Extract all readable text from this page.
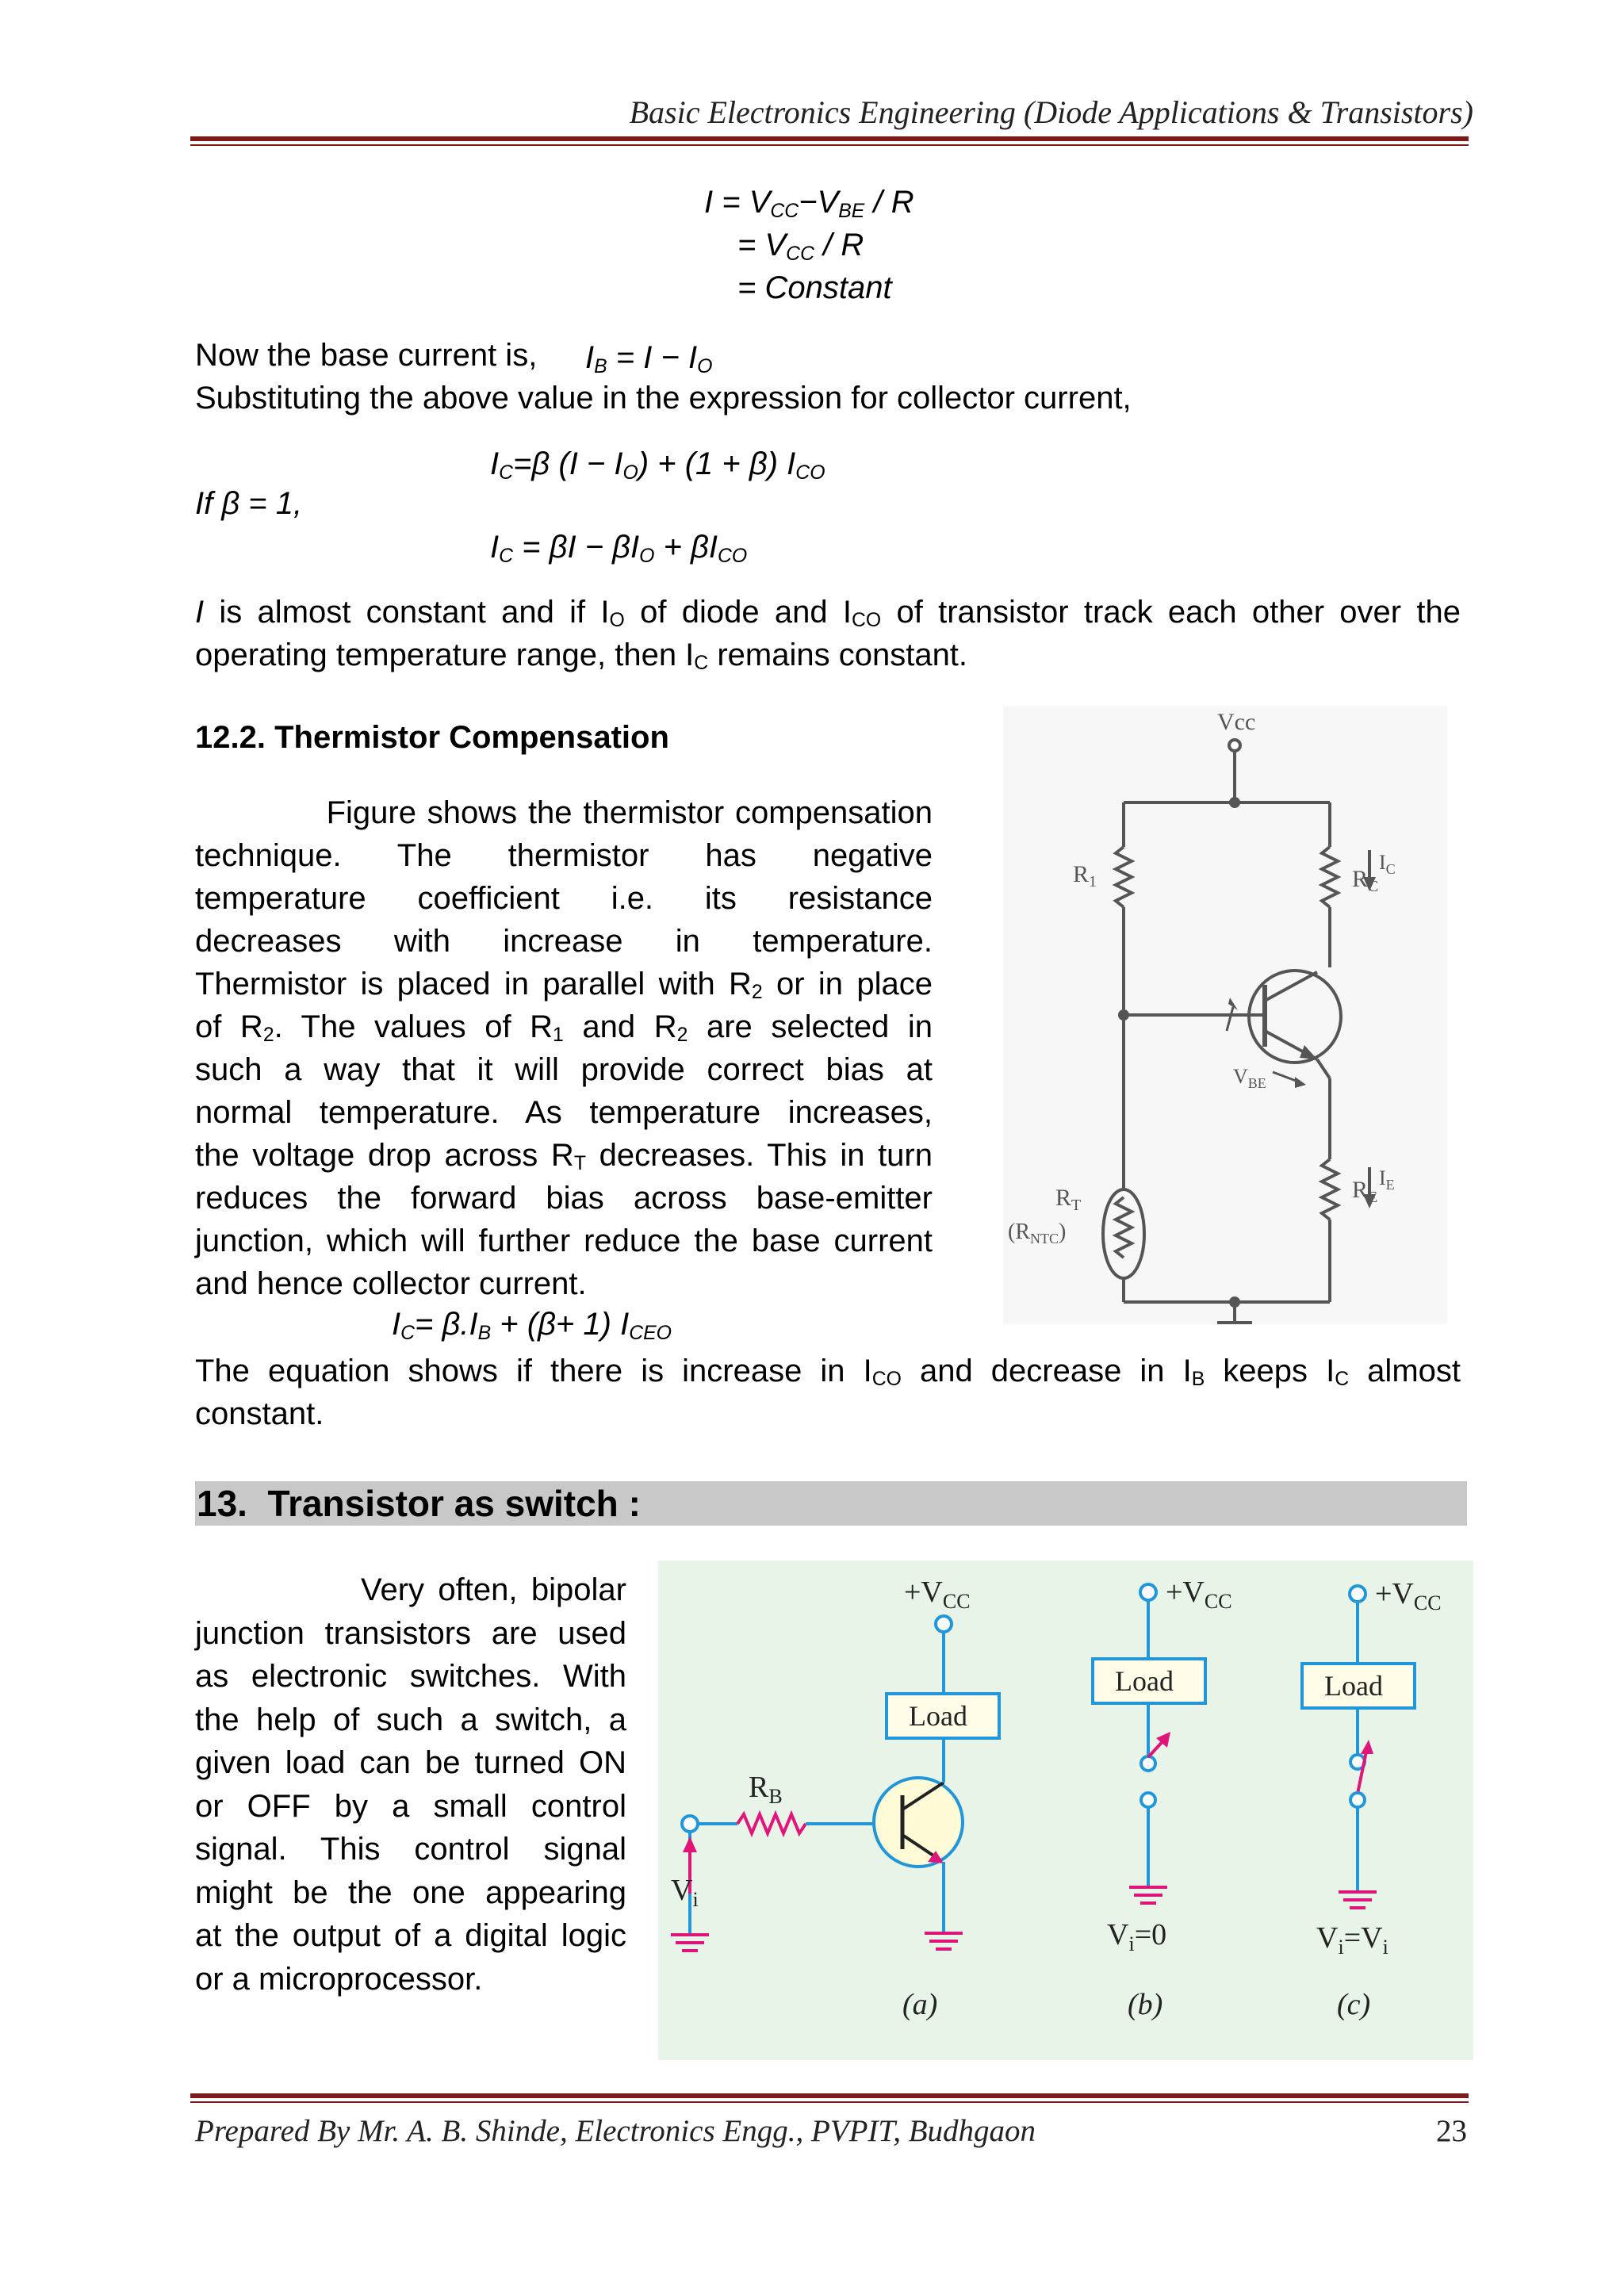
Basic Electronics Engineering (Diode Applications & Transistors)
$I = V_{CC}-V_{BE} / R$
= $V_{CC}$ / R
= Constant
Now the base current is, $I_B = I - I_O$
Substituting the above value in the expression for collector current,
$I_C=\beta$ $(I - I_O) + (1 + \beta)$ $I_{CO}$
If β = 1,
$I_C = \beta I - \beta I_O + \beta I_{CO}$
I is almost constant and if $I_O$ of diode and $I_{CO}$ of transistor track each other over the
operating temperature range, then $I_C$ remains constant.
12.2. Thermistor Compensation
Figure shows the thermistor compensation
technique. The thermistor has negative
temperature coefficient i.e. its resistance
decreases with increase in temperature.
Thermistor is placed in parallel with $R_2$ or in place
of $R_2$. The values of $R_1$ and $R_2$ are selected in
such a way that it will provide correct bias at
normal temperature. As temperature increases,
the voltage drop across $R_T$ decreases. This in turn
reduces the forward bias across base-emitter
junction, which will further reduce the base current
and hence collector current.
Vcc
$R_1$	$R_C$
$I_C$
$V_{BE}$
$R_T$
$(R_{NTC})$
$R_E$
$I_E$
$I_C= \beta.I_B + (\beta+ 1)$ $I_{CEO}$
The equation shows if there is increase in $I_{CO}$ and decrease in $I_B$ keeps $I_C$ almost
constant.
13.  Transistor as switch :
Very often, bipolar
junction transistors are used
as electronic switches. With
the help of such a switch, a
given load can be turned ON
or OFF by a small control
signal. This control signal
might be the one appearing
at the output of a digital logic
or a microprocessor.
$+V_{CC}$
Load
$R_B$
$V_i$
(a)
$+V_{CC}$
Load
$V_i=0$
(b)
$+V_{CC}$
Load
$V_i=V_i$
(c)
Prepared By Mr. A. B. Shinde, Electronics Engg., PVPIT, Budhgaon	23
